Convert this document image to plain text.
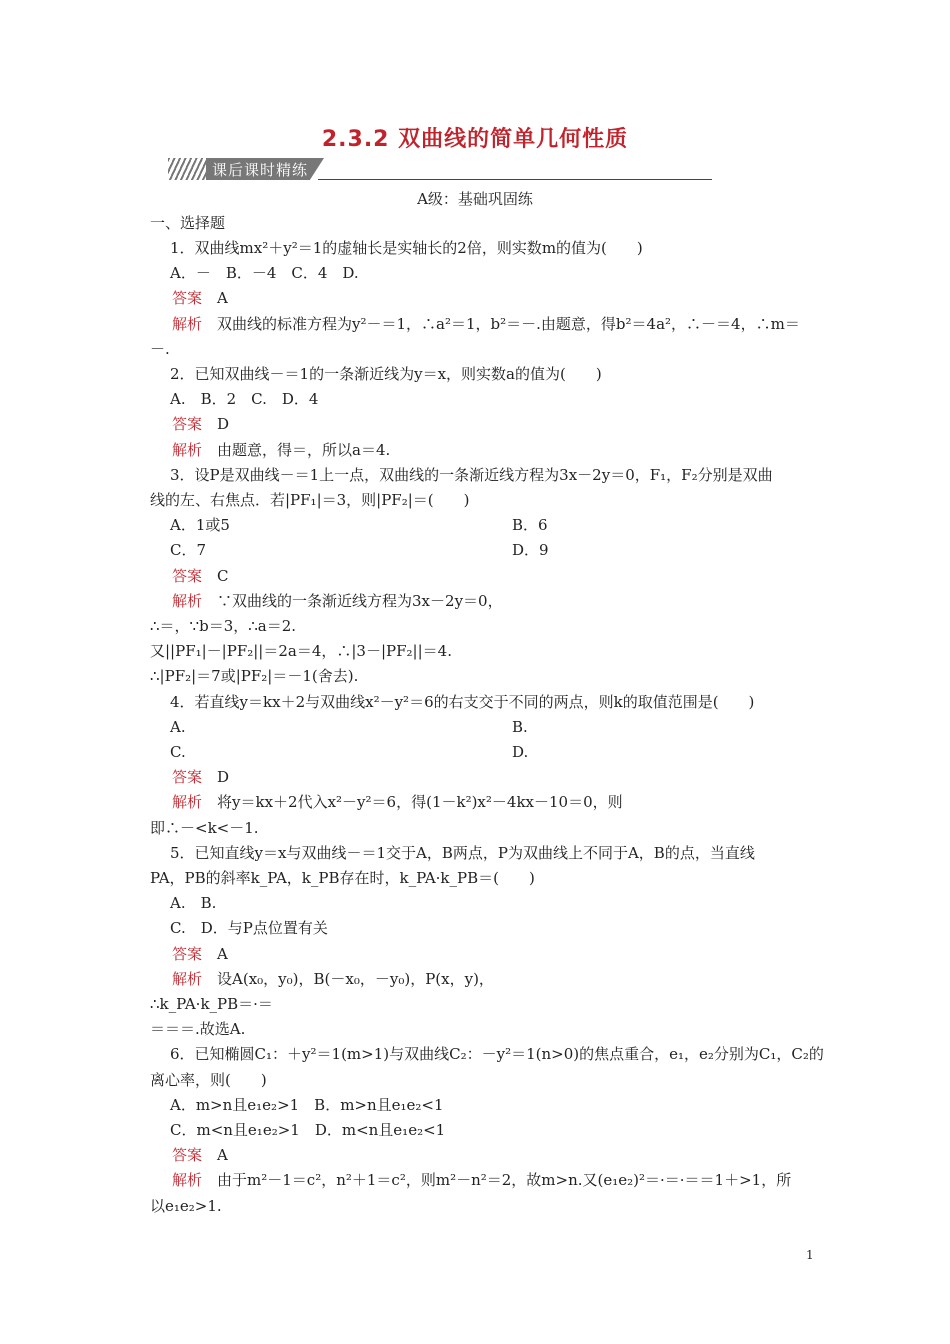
2.3.2 双曲线的简单几何性质
课后课时精练
A级：基础巩固练
一、选择题
1．双曲线mx²＋y²＝1的虚轴长是实轴长的2倍，则实数m的值为(　　)
A．－　B．－4　C．4　D.
答案　A
解析　双曲线的标准方程为y²－＝1，∴a²＝1，b²＝－.由题意，得b²＝4a²，∴－＝4，∴m＝
－.
2．已知双曲线－＝1的一条渐近线为y＝x，则实数a的值为(　　)
A.　B．2　C.　D．4
答案　D
解析　由题意，得＝，所以a＝4.
3．设P是双曲线－＝1上一点，双曲线的一条渐近线方程为3x－2y＝0，F₁，F₂分别是双曲
线的左、右焦点．若|PF₁|＝3，则|PF₂|＝(　　)
A．1或5	B．6
C．7	D．9
答案　C
解析　∵双曲线的一条渐近线方程为3x－2y＝0，
∴＝，∵b＝3，∴a＝2.
又||PF₁|－|PF₂||＝2a＝4，∴|3－|PF₂||＝4.
∴|PF₂|＝7或|PF₂|＝－1(舍去).
4．若直线y＝kx＋2与双曲线x²－y²＝6的右支交于不同的两点，则k的取值范围是(　　)
A.	B.
C.	D.
答案　D
解析　将y＝kx＋2代入x²－y²＝6，得(1－k²)x²－4kx－10＝0，则
即∴－<k<－1.
5．已知直线y＝x与双曲线－＝1交于A，B两点，P为双曲线上不同于A，B的点，当直线
PA，PB的斜率k_PA，k_PB存在时，k_PA·k_PB＝(　　)
A.　B.
C.　D．与P点位置有关
答案　A
解析　设A(x₀，y₀)，B(－x₀，－y₀)，P(x，y)，
∴k_PA·k_PB＝·＝
＝＝＝.故选A.
6．已知椭圆C₁：＋y²＝1(m>1)与双曲线C₂：－y²＝1(n>0)的焦点重合，e₁，e₂分别为C₁，C₂的
离心率，则(　　)
A．m>n且e₁e₂>1　B．m>n且e₁e₂<1
C．m<n且e₁e₂>1　D．m<n且e₁e₂<1
答案　A
解析　由于m²－1＝c²，n²＋1＝c²，则m²－n²＝2，故m>n.又(e₁e₂)²＝·＝·＝＝1＋>1，所
以e₁e₂>1.
1
